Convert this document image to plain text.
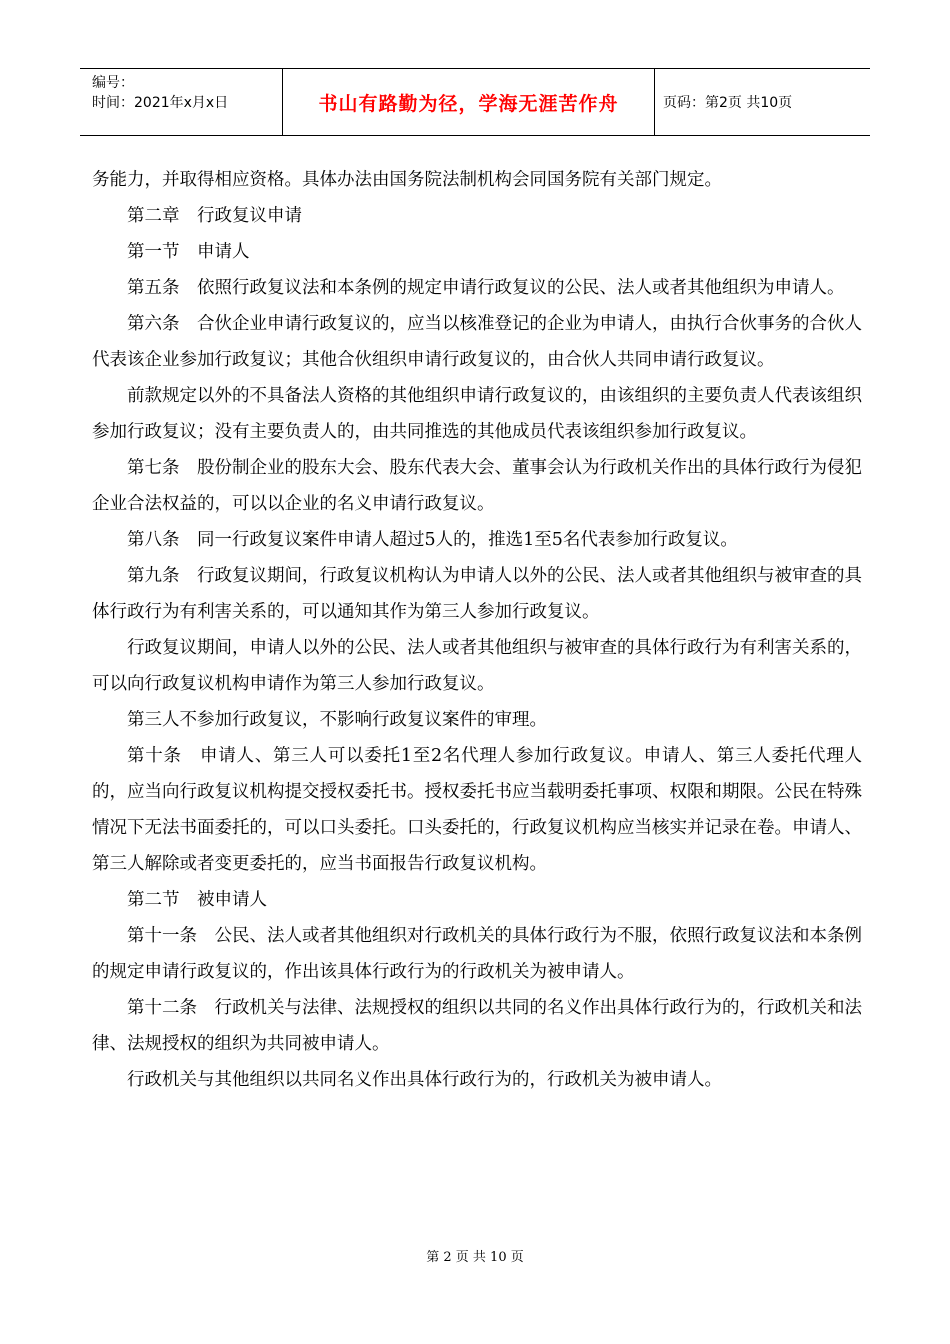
编号：
时间：2021年x月x日	书山有路勤为径，学海无涯苦作舟	页码：第2页 共10页

务能力，并取得相应资格。具体办法由国务院法制机构会同国务院有关部门规定。

第二章　行政复议申请

第一节　申请人

第五条　依照行政复议法和本条例的规定申请行政复议的公民、法人或者其他组织为申请人。

第六条　合伙企业申请行政复议的，应当以核准登记的企业为申请人，由执行合伙事务的合伙人代表该企业参加行政复议；其他合伙组织申请行政复议的，由合伙人共同申请行政复议。

前款规定以外的不具备法人资格的其他组织申请行政复议的，由该组织的主要负责人代表该组织参加行政复议；没有主要负责人的，由共同推选的其他成员代表该组织参加行政复议。

第七条　股份制企业的股东大会、股东代表大会、董事会认为行政机关作出的具体行政行为侵犯企业合法权益的，可以以企业的名义申请行政复议。

第八条　同一行政复议案件申请人超过5人的，推选1至5名代表参加行政复议。

第九条　行政复议期间，行政复议机构认为申请人以外的公民、法人或者其他组织与被审查的具体行政行为有利害关系的，可以通知其作为第三人参加行政复议。

行政复议期间，申请人以外的公民、法人或者其他组织与被审查的具体行政行为有利害关系的，可以向行政复议机构申请作为第三人参加行政复议。

第三人不参加行政复议，不影响行政复议案件的审理。

第十条　申请人、第三人可以委托1至2名代理人参加行政复议。申请人、第三人委托代理人的，应当向行政复议机构提交授权委托书。授权委托书应当载明委托事项、权限和期限。公民在特殊情况下无法书面委托的，可以口头委托。口头委托的，行政复议机构应当核实并记录在卷。申请人、第三人解除或者变更委托的，应当书面报告行政复议机构。

第二节　被申请人

第十一条　公民、法人或者其他组织对行政机关的具体行政行为不服，依照行政复议法和本条例的规定申请行政复议的，作出该具体行政行为的行政机关为被申请人。

第十二条　行政机关与法律、法规授权的组织以共同的名义作出具体行政行为的，行政机关和法律、法规授权的组织为共同被申请人。

行政机关与其他组织以共同名义作出具体行政行为的，行政机关为被申请人。

第 2 页 共 10 页
